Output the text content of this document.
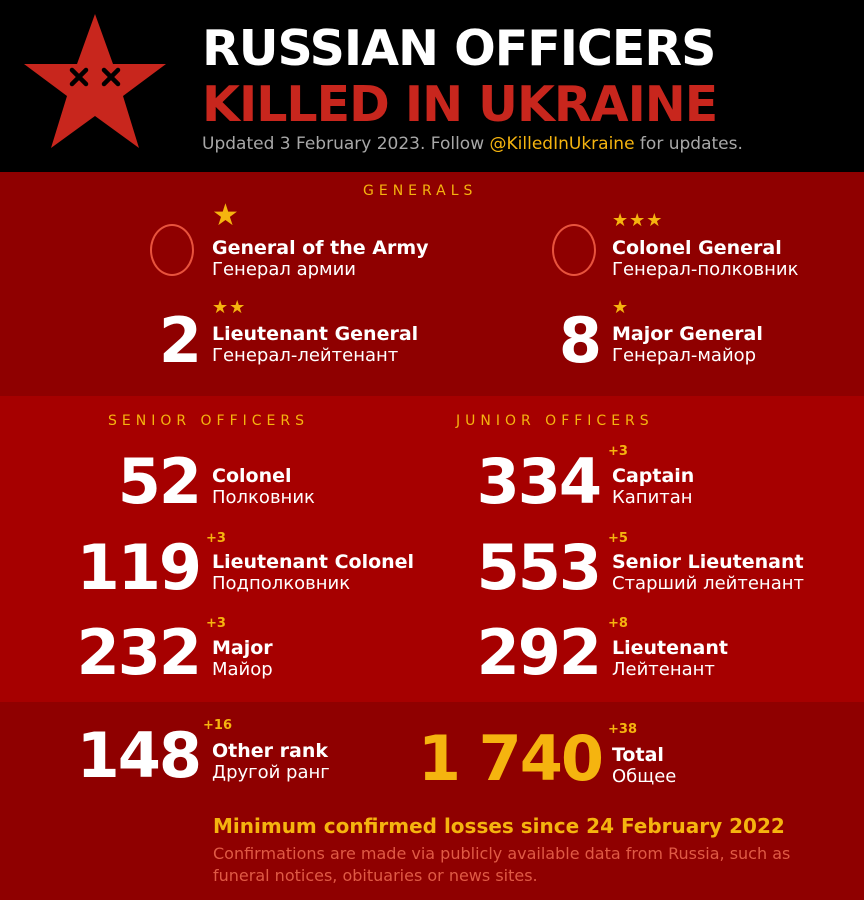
RUSSIAN OFFICERS
KILLED IN UKRAINE
Updated 3 February 2023. Follow @KilledInUkraine for updates.
GENERALS
★
General of the Army
Генерал армии
★★★
Colonel General
Генерал-полковник
2 ★★
Lieutenant General
Генерал-лейтенант	8 ★
Major General
Генерал-майор
SENIOR OFFICERS	JUNIOR OFFICERS
52 Colonel
Полковник
119 +3
Lieutenant Colonel
Подполковник
232 +3
Major
Майор
334 +3
Captain
Капитан
553 +5
Senior Lieutenant
Старший лейтенант
292 +8
Lieutenant
Лейтенант
148 +16
Other rank
Другой ранг	1 740 +38
Total
Общее
Minimum confirmed losses since 24 February 2022
Confirmations are made via publicly available data from Russia, such as funeral notices, obituaries or news sites.
